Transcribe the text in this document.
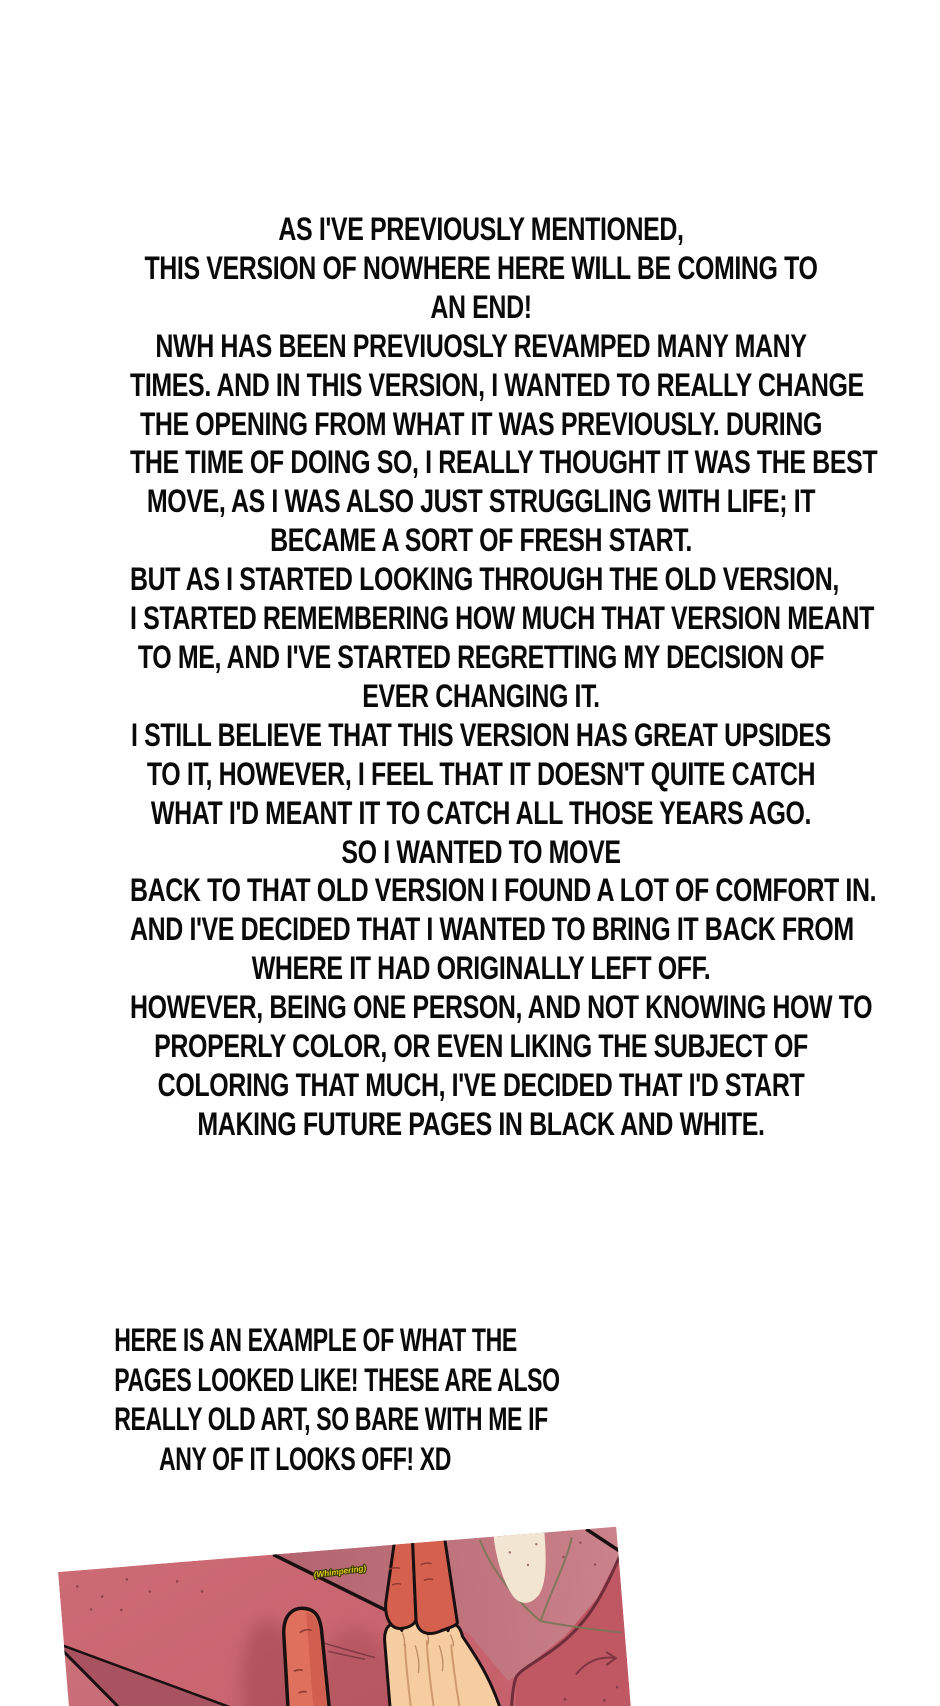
AS I'VE PREVIOUSLY MENTIONED,
THIS VERSION OF NOWHERE HERE WILL BE COMING TO
AN END!
NWH HAS BEEN PREVIUOSLY REVAMPED MANY MANY
TIMES. AND IN THIS VERSION, I WANTED TO REALLY CHANGE
THE OPENING FROM WHAT IT WAS PREVIOUSLY. DURING
THE TIME OF DOING SO, I REALLY THOUGHT IT WAS THE BEST
MOVE, AS I WAS ALSO JUST STRUGGLING WITH LIFE; IT
BECAME A SORT OF FRESH START.
BUT AS I STARTED LOOKING THROUGH THE OLD VERSION,
I STARTED REMEMBERING HOW MUCH THAT VERSION MEANT
TO ME, AND I'VE STARTED REGRETTING MY DECISION OF
EVER CHANGING IT.
I STILL BELIEVE THAT THIS VERSION HAS GREAT UPSIDES
TO IT, HOWEVER, I FEEL THAT IT DOESN'T QUITE CATCH
WHAT I'D MEANT IT TO CATCH ALL THOSE YEARS AGO.
SO I WANTED TO MOVE
BACK TO THAT OLD VERSION I FOUND A LOT OF COMFORT IN.
AND I'VE DECIDED THAT I WANTED TO BRING IT BACK FROM
WHERE IT HAD ORIGINALLY LEFT OFF.
HOWEVER, BEING ONE PERSON, AND NOT KNOWING HOW TO
PROPERLY COLOR, OR EVEN LIKING THE SUBJECT OF
COLORING THAT MUCH, I'VE DECIDED THAT I'D START
MAKING FUTURE PAGES IN BLACK AND WHITE.
HERE IS AN EXAMPLE OF WHAT THE
PAGES LOOKED LIKE! THESE ARE ALSO
REALLY OLD ART, SO BARE WITH ME IF
ANY OF IT LOOKS OFF! XD
(Whimpering)
